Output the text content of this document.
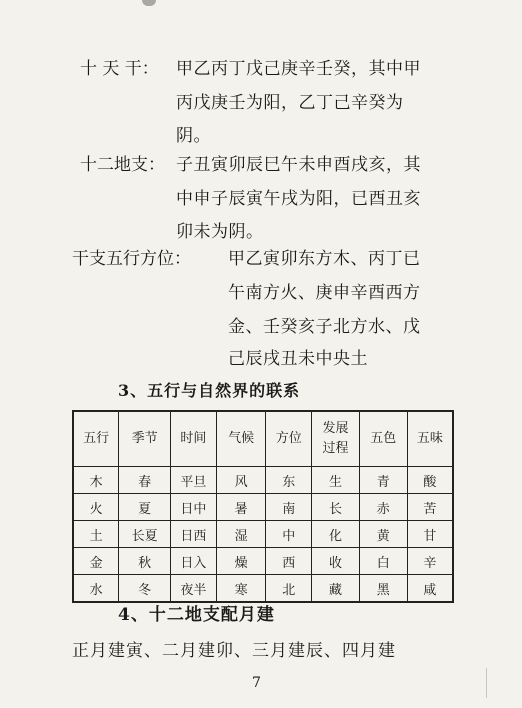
十 天 干： 甲乙丙丁戊己庚辛壬癸，其中甲
丙戊庚壬为阳，乙丁己辛癸为
阴。
十二地支： 子丑寅卯辰巳午未申酉戌亥，其
中申子辰寅午戌为阳，已酉丑亥
卯未为阴。
干支五行方位： 甲乙寅卯东方木、丙丁已
午南方火、庚申辛酉西方
金、壬癸亥子北方水、戊
己辰戌丑未中央土
3、五行与自然界的联系
五行	季节	时间	气候	方位	发展
过程	五色	五味
木	春	平旦	风	东	生	青	酸
火	夏	日中	暑	南	长	赤	苦
土	长夏	日西	湿	中	化	黄	甘
金	秋	日入	燥	西	收	白	辛
水	冬	夜半	寒	北	藏	黑	咸
4、十二地支配月建
正月建寅、二月建卯、三月建辰、四月建
7
